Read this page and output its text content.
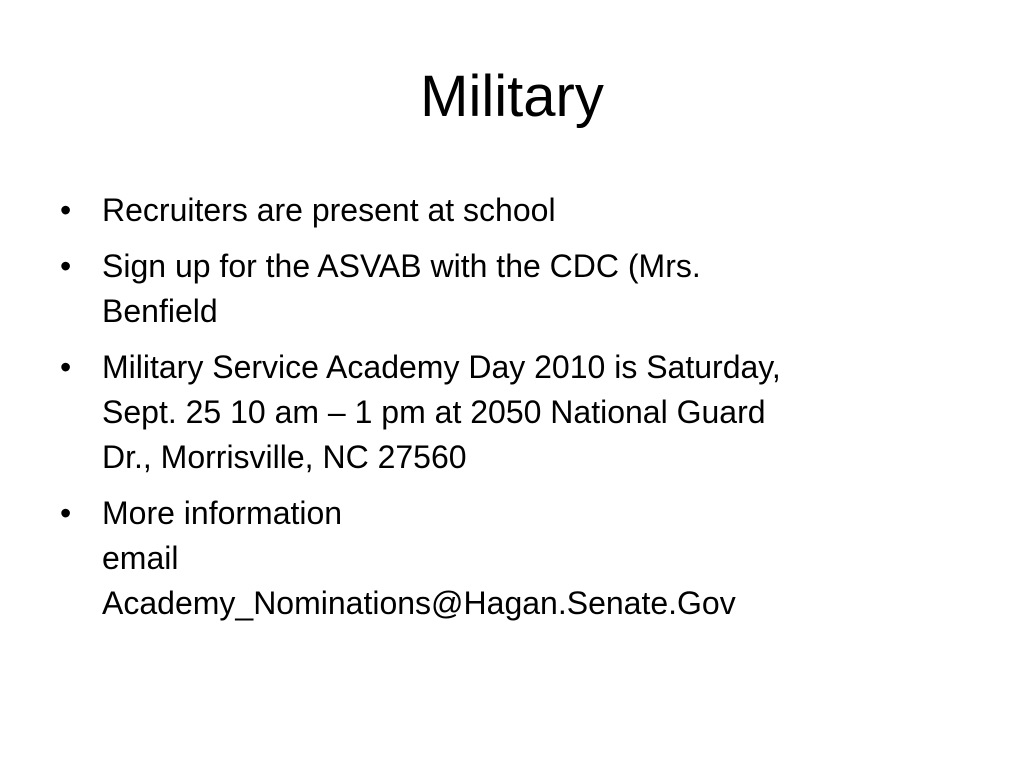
Military
• Recruiters are present at school
• Sign up for the ASVAB with the CDC (Mrs.
Benfield
• Military Service Academy Day 2010 is Saturday,
Sept. 25 10 am – 1 pm at 2050 National Guard
Dr., Morrisville, NC 27560
• More information
email
Academy_Nominations@Hagan.Senate.Gov
